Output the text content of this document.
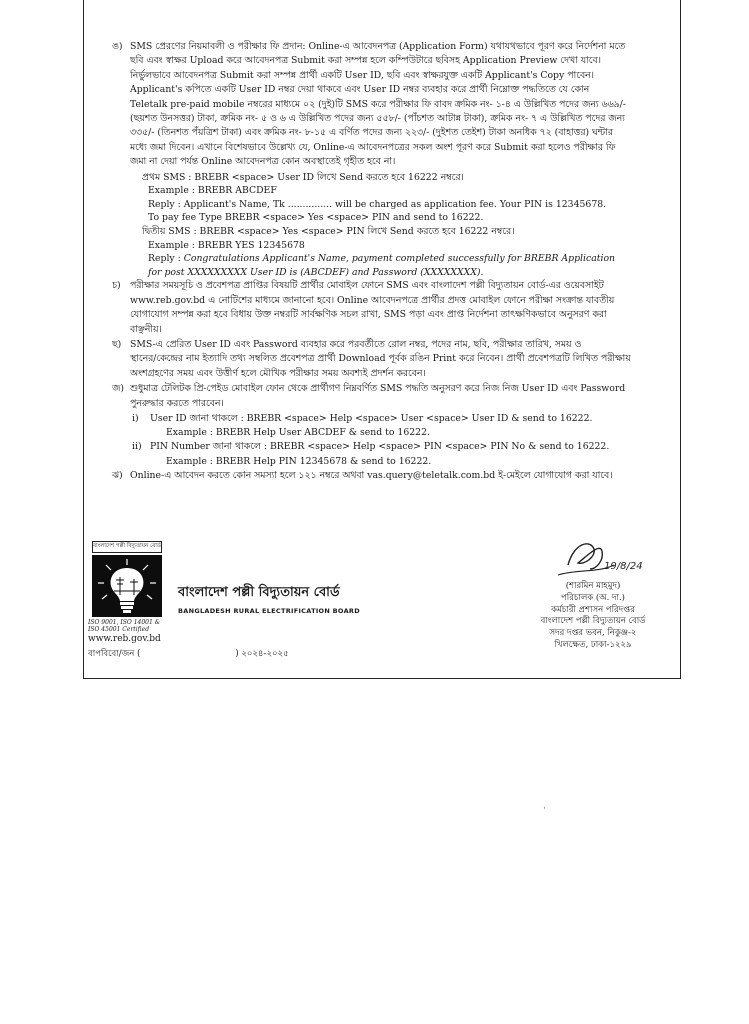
ঙ) SMS প্রেরণের নিয়মাবলী ও পরীক্ষার ফি প্রদান: Online-এ আবেদনপত্র (Application Form) যথাযথভাবে পূরণ করে নির্দেশনা মতে

ছবি এবং স্বাক্ষর Upload করে আবেদনপত্র Submit করা সম্পন্ন হলে কম্পিউটারে ছবিসহ Application Preview দেখা যাবে।

নির্ভুলভাবে আবেদনপত্র Submit করা সম্পন্ন প্রার্থী একটি User ID, ছবি এবং স্বাক্ষরযুক্ত একটি Applicant's Copy পাবেন।

Applicant's কপিতে একটি User ID নম্বর দেয়া থাকবে এবং User ID নম্বর ব্যবহার করে প্রার্থী নিম্নোক্ত পদ্ধতিতে যে কোন

Teletalk pre-paid mobile নম্বরের মাধ্যমে ০২ (দুই)টি SMS করে পরীক্ষার ফি বাবদ ক্রমিক নং- ১-৪ এ উল্লিখিত পদের জন্য ৬৬৯/-

(ছয়শত উনসত্তর) টাকা, ক্রমিক নং- ৫ ও ৬ এ উল্লিখিত পদের জন্য ৫৫৮/- (পাঁচশত আটান্ন টাকা), ক্রমিক নং- ৭ এ উল্লিখিত পদের জন্য

৩৩৫/- (তিনশত পঁয়ত্রিশ টাকা) এবং ক্রমিক নং- ৮-১৫ এ বর্ণিত পদের জন্য ২২৩/- (দুইশত তেইশ) টাকা অনধিক ৭২ (বাহাত্তর) ঘন্টার

মধ্যে জমা দিবেন। এখানে বিশেষভাবে উল্লেখ্য যে, Online-এ আবেদনপত্রের সকল অংশ পূরণ করে Submit করা হলেও পরীক্ষার ফি

জমা না দেয়া পর্যন্ত Online আবেদনপত্র কোন অবস্থাতেই গৃহীত হবে না।

প্রথম SMS : BREBR <space> User ID লিখে Send করতে হবে 16222 নম্বরে।

Example : BREBR ABCDEF

Reply : Applicant's Name, Tk ............... will be charged as application fee. Your PIN is 12345678.

To pay fee Type BREBR <space> Yes <space> PIN and send to 16222.

দ্বিতীয় SMS : BREBR <space> Yes <space> PIN লিখে Send করতে হবে 16222 নম্বরে।

Example : BREBR YES 12345678

Reply : Congratulations Applicant's Name, payment completed successfully for BREBR Application

for post XXXXXXXXX User ID is (ABCDEF) and Password (XXXXXXXX).

চ) পরীক্ষার সময়সূচি ও প্রবেশপত্র প্রাপ্তির বিষয়টি প্রার্থীর মোবাইল ফোনে SMS এবং বাংলাদেশ পল্লী বিদ্যুতায়ন বোর্ড-এর ওয়েবসাইট

www.reb.gov.bd এ নোটিশের মাধ্যমে জানানো হবে। Online আবেদনপত্রে প্রার্থীর প্রদত্ত মোবাইল ফোনে পরীক্ষা সংক্রান্ত যাবতীয়

যোগাযোগ সম্পন্ন করা হবে বিধায় উক্ত নম্বরটি সার্বক্ষণিক সচল রাখা, SMS পড়া এবং প্রাপ্ত নির্দেশনা তাৎক্ষণিকভাবে অনুসরণ করা

বাঞ্ছনীয়।

ছ) SMS-এ প্রেরিত User ID এবং Password ব্যবহার করে পরবর্তীতে রোল নম্বর, পদের নাম, ছবি, পরীক্ষার তারিখ, সময় ও

স্থানের/কেন্দ্রের নাম ইত্যাদি তথ্য সম্বলিত প্রবেশপত্র প্রার্থী Download পূর্বক রঙিন Print করে নিবেন। প্রার্থী প্রবেশপত্রটি লিখিত পরীক্ষায়

অংশগ্রহণের সময় এবং উত্তীর্ণ হলে মৌখিক পরীক্ষার সময় অবশ্যই প্রদর্শন করবেন।

জ) শুধুমাত্র টেলিটক প্রি-পেইড মোবাইল ফোন থেকে প্রার্থীগণ নিম্নবর্ণিত SMS পদ্ধতি অনুসরণ করে নিজ নিজ User ID এবং Password

পুনরুদ্ধার করতে পারবেন।

i) User ID জানা থাকলে : BREBR <space> Help <space> User <space> User ID & send to 16222.

Example : BREBR Help User ABCDEF & send to 16222.

ii) PIN Number জানা থাকলে : BREBR <space> Help <space> PIN <space> PIN No & send to 16222.

Example : BREBR Help PIN 12345678 & send to 16222.

ঝ) Online-এ আবেদন করতে কোন সমস্যা হলে ১২১ নম্বরে অথবা vas.query@teletalk.com.bd ই-মেইলে যোগাযোগ করা যাবে।

বাংলাদেশ পল্লী বিদ্যুতায়ন বোর্ড
ISO 9001, ISO 14001 &
ISO 45001 Certified
www.reb.gov.bd
বাপবিবো/জন (	) ২০২৪-২০২৫
বাংলাদেশ পল্লী বিদ্যুতায়ন বোর্ড
BANGLADESH RURAL ELECTRIFICATION BOARD
19/8/24

(শারমিন মাহমুদ)

পরিচালক (অ. দা.)

কর্মচারী প্রশাসন পরিদপ্তর

বাংলাদেশ পল্লী বিদ্যুতায়ন বোর্ড

সদর দপ্তর ভবন, নিকুঞ্জ-২

খিলক্ষেত, ঢাকা-১২২৯

·
